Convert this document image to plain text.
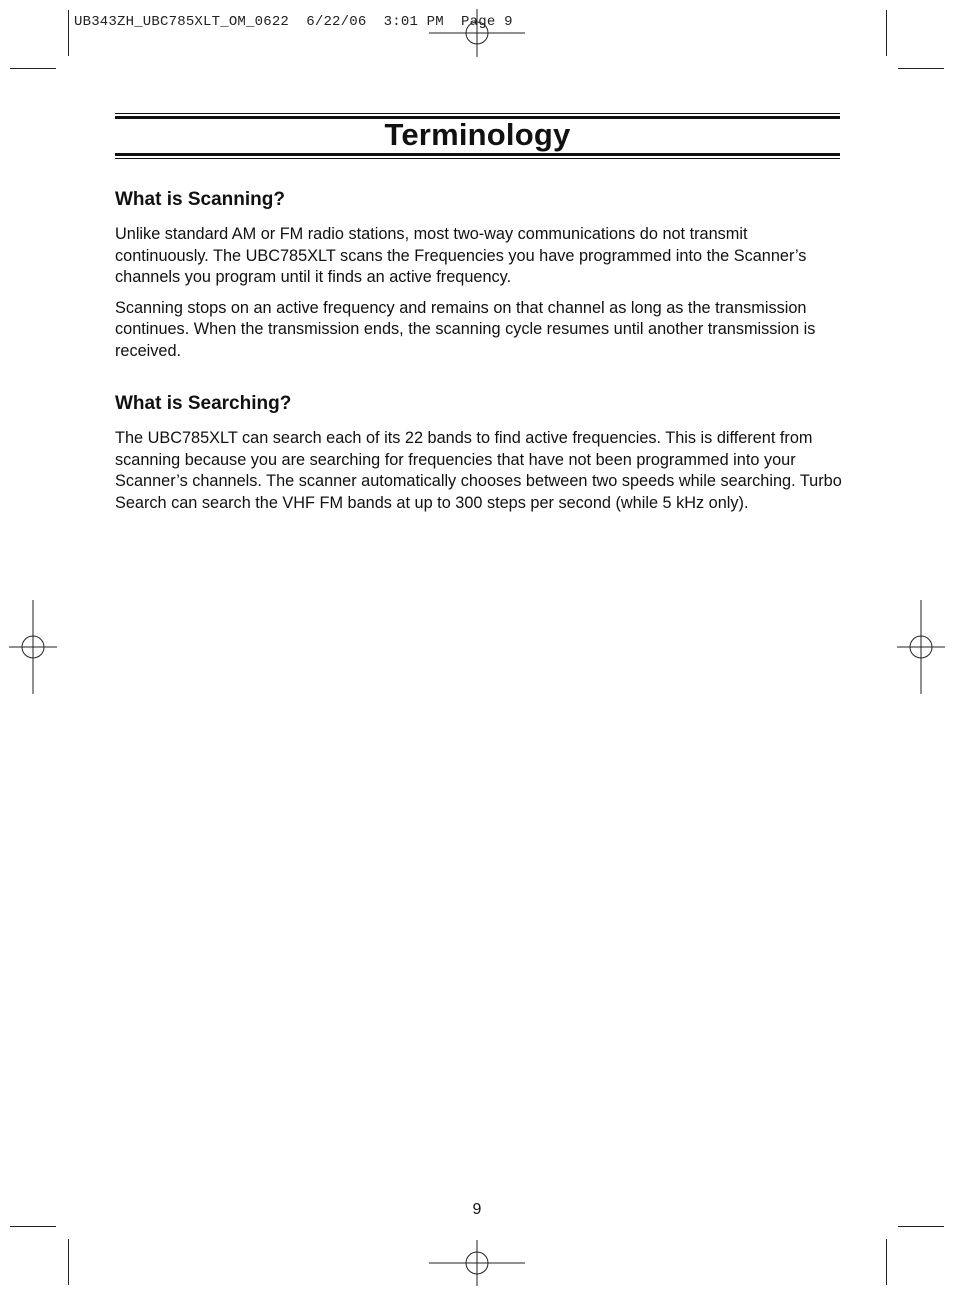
UB343ZH_UBC785XLT_OM_0622  6/22/06  3:01 PM  Page 9
Terminology
What is Scanning?

Unlike standard AM or FM radio stations, most two-way communications do not transmit continuously. The UBC785XLT scans the Frequencies you have programmed into the Scanner’s channels you program until it finds an active frequency.

Scanning stops on an active frequency and remains on that channel as long as the transmission continues. When the transmission ends, the scanning cycle resumes until another transmission is received.

What is Searching?

The UBC785XLT can search each of its 22 bands to find active frequencies. This is different from scanning because you are searching for frequencies that have not been programmed into your Scanner’s channels. The scanner automatically chooses between two speeds while searching. Turbo Search can search the VHF FM bands at up to 300 steps per second (while 5 kHz only).

9
